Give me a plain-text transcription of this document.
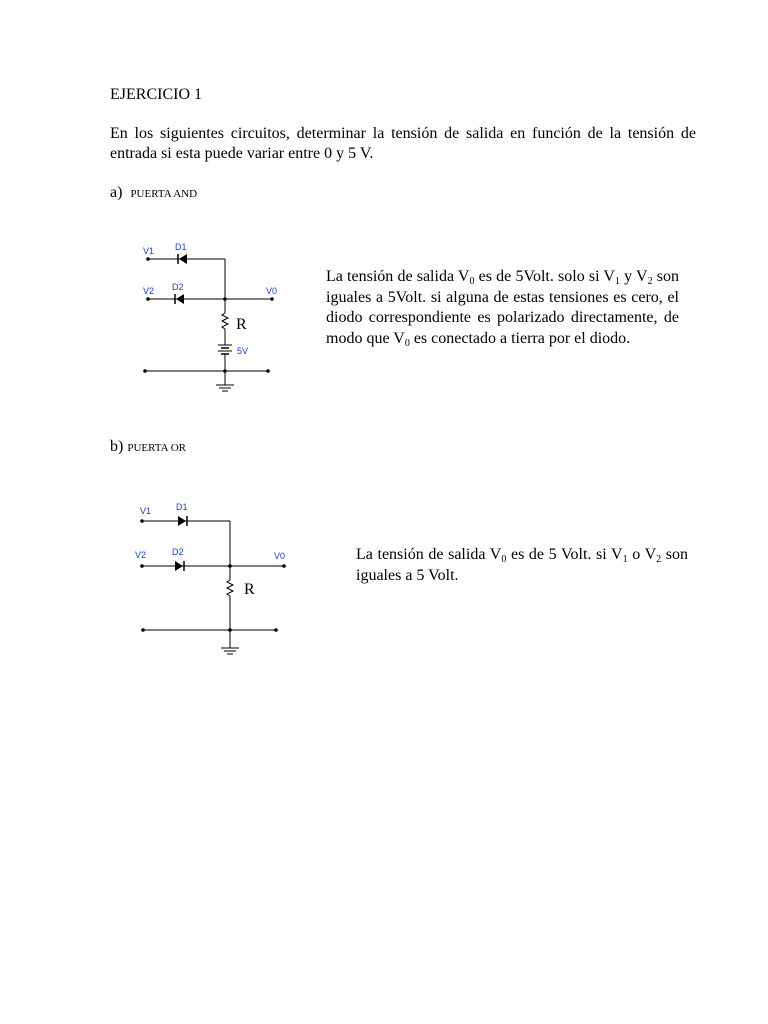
EJERCICIO 1
En los siguientes circuitos, determinar la tensión de salida en función de la tensión de entrada si esta puede variar entre 0 y 5 V.
a) PUERTA AND
V1 D1
V2 D2	V0
R
5V
La tensión de salida $V_0$ es de 5Volt. solo si $V_1$ y $V_2$ son iguales a 5Volt. si alguna de estas tensiones es cero, el diodo correspondiente es polarizado directamente, de modo que $V_0$ es conectado a tierra por el diodo.
b) PUERTA OR
V1	D1
V2	D2	V0
R
La tensión de salida $V_0$ es de 5 Volt. si $V_1$ o $V_2$ son iguales a 5 Volt.
